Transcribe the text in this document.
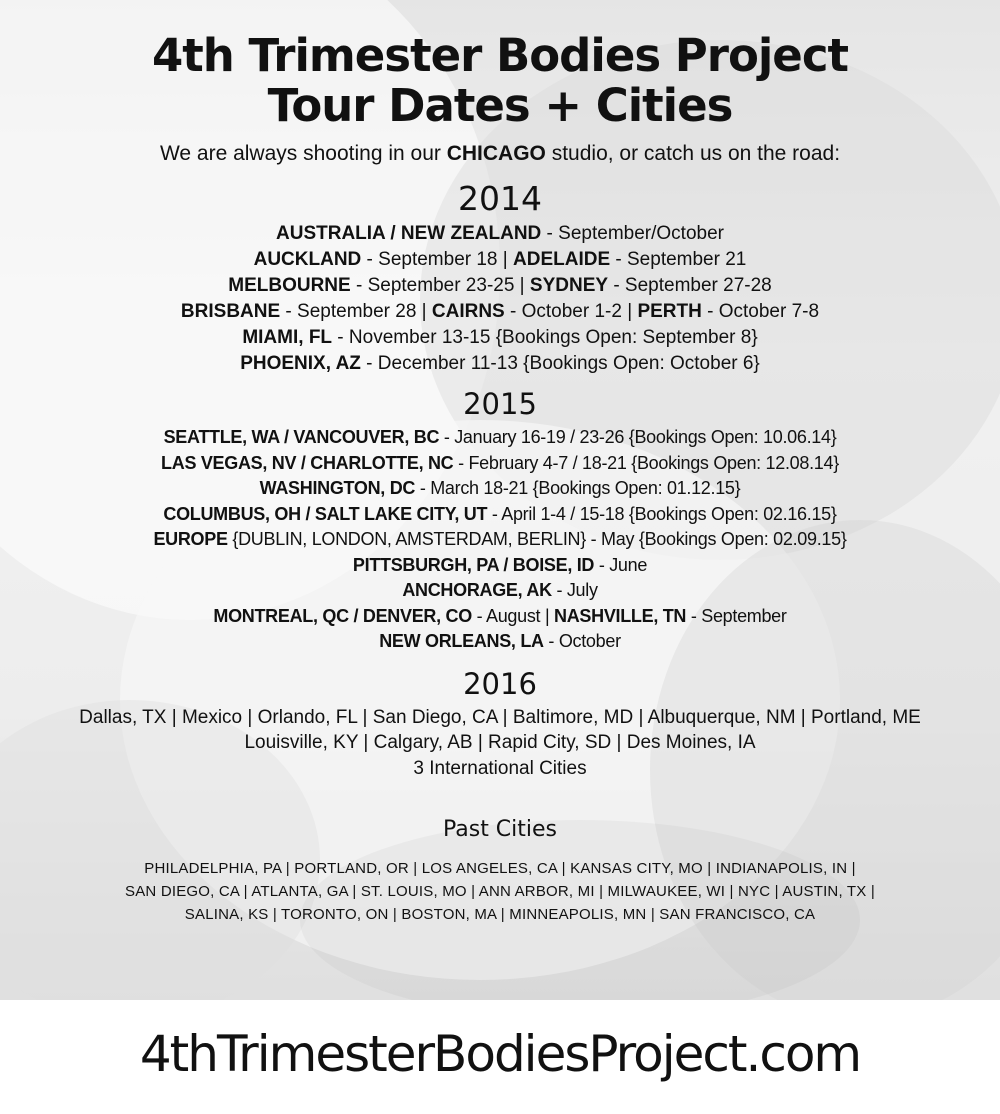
4th Trimester Bodies Project
Tour Dates + Cities
We are always shooting in our CHICAGO studio, or catch us on the road:
2014
AUSTRALIA / NEW ZEALAND - September/October
AUCKLAND - September 18 | ADELAIDE - September 21
MELBOURNE - September 23-25 | SYDNEY - September 27-28
BRISBANE - September 28 | CAIRNS - October 1-2 | PERTH - October 7-8
MIAMI, FL - November 13-15 {Bookings Open: September 8}
PHOENIX, AZ - December 11-13 {Bookings Open: October 6}
2015
SEATTLE, WA / VANCOUVER, BC - January 16-19 / 23-26 {Bookings Open: 10.06.14}
LAS VEGAS, NV / CHARLOTTE, NC - February 4-7 / 18-21 {Bookings Open: 12.08.14}
WASHINGTON, DC - March 18-21 {Bookings Open: 01.12.15}
COLUMBUS, OH / SALT LAKE CITY, UT - April 1-4 / 15-18 {Bookings Open: 02.16.15}
EUROPE {DUBLIN, LONDON, AMSTERDAM, BERLIN} - May {Bookings Open: 02.09.15}
PITTSBURGH, PA / BOISE, ID - June
ANCHORAGE, AK - July
MONTREAL, QC / DENVER, CO - August | NASHVILLE, TN - September
NEW ORLEANS, LA - October
2016
Dallas, TX | Mexico | Orlando, FL | San Diego, CA | Baltimore, MD | Albuquerque, NM | Portland, ME
Louisville, KY | Calgary, AB | Rapid City, SD | Des Moines, IA
3 International Cities
Past Cities
PHILADELPHIA, PA | PORTLAND, OR | LOS ANGELES, CA | KANSAS CITY, MO | INDIANAPOLIS, IN |
SAN DIEGO, CA | ATLANTA, GA | ST. LOUIS, MO | ANN ARBOR, MI | MILWAUKEE, WI | NYC | AUSTIN, TX |
SALINA, KS | TORONTO, ON | BOSTON, MA | MINNEAPOLIS, MN | SAN FRANCISCO, CA
4thTrimesterBodiesProject.com
